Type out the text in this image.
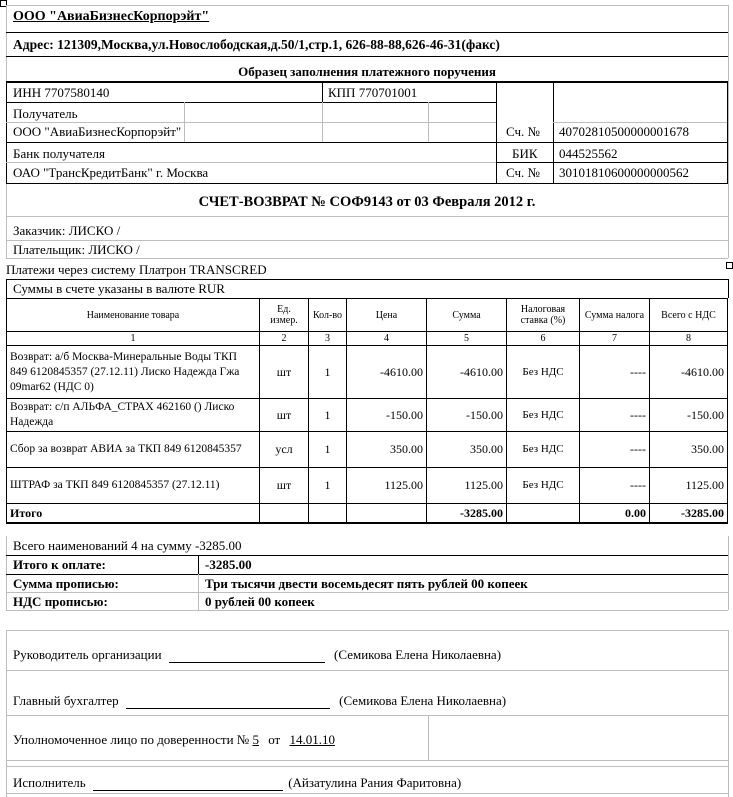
ООО "АвиаБизнесКорпорэйт"
Адрес: 121309,Москва,ул.Новослободская,д.50/1,стр.1, 626-88-88,626-46-31(факс)
Образец заполнения платежного поручения
ИНН 7707580140	КПП 770701001
Получатель
ООО "АвиаБизнесКорпорэйт"	Сч. № 40702810500000001678
Банк получателя	БИК 044525562
ОАО "ТрансКредитБанк" г. Москва	Сч. № 30101810600000000562
СЧЕТ-ВОЗВРАТ № СОФ9143 от 03 Февраля 2012 г.
Заказчик: ЛИСКО /
Плательщик: ЛИСКО /
Платежи через систему Платрон TRANSCRED
Суммы в счете указаны в валюте RUR
Наименование товара	Ед. измер.	Кол-во	Цена	Сумма	Налоговая ставка (%)	Сумма налога	Всего с НДС
1	2	3	4	5	6	7	8
Возврат: а/б Москва-Минеральные Воды ТКП 849 6120845357 (27.12.11) Лиско Надежда Гжа 09mar62 (НДС 0)	шт	1	-4610.00	-4610.00	Без НДС	----	-4610.00
Возврат: с/п АЛЬФА_СТРАХ 462160 () Лиско Надежда	шт	1	-150.00	-150.00	Без НДС	----	-150.00
Сбор за возврат АВИА за ТКП 849 6120845357	усл	1	350.00	350.00	Без НДС	----	350.00
ШТРАФ за ТКП 849 6120845357 (27.12.11)	шт	1	1125.00	1125.00	Без НДС	----	1125.00
Итого				-3285.00		0.00	-3285.00
Всего наименований 4 на сумму -3285.00
Итого к оплате:	-3285.00
Сумма прописью:	Три тысячи двести восемьдесят пять рублей 00 копеек
НДС прописью:	0 рублей 00 копеек
Руководитель организации	(Семикова Елена Николаевна)
Главный бухгалтер	(Семикова Елена Николаевна)
Уполномоченное лицо по доверенности № 5 от 14.01.10
Исполнитель	(Айзатулина Рания Фаритовна)
